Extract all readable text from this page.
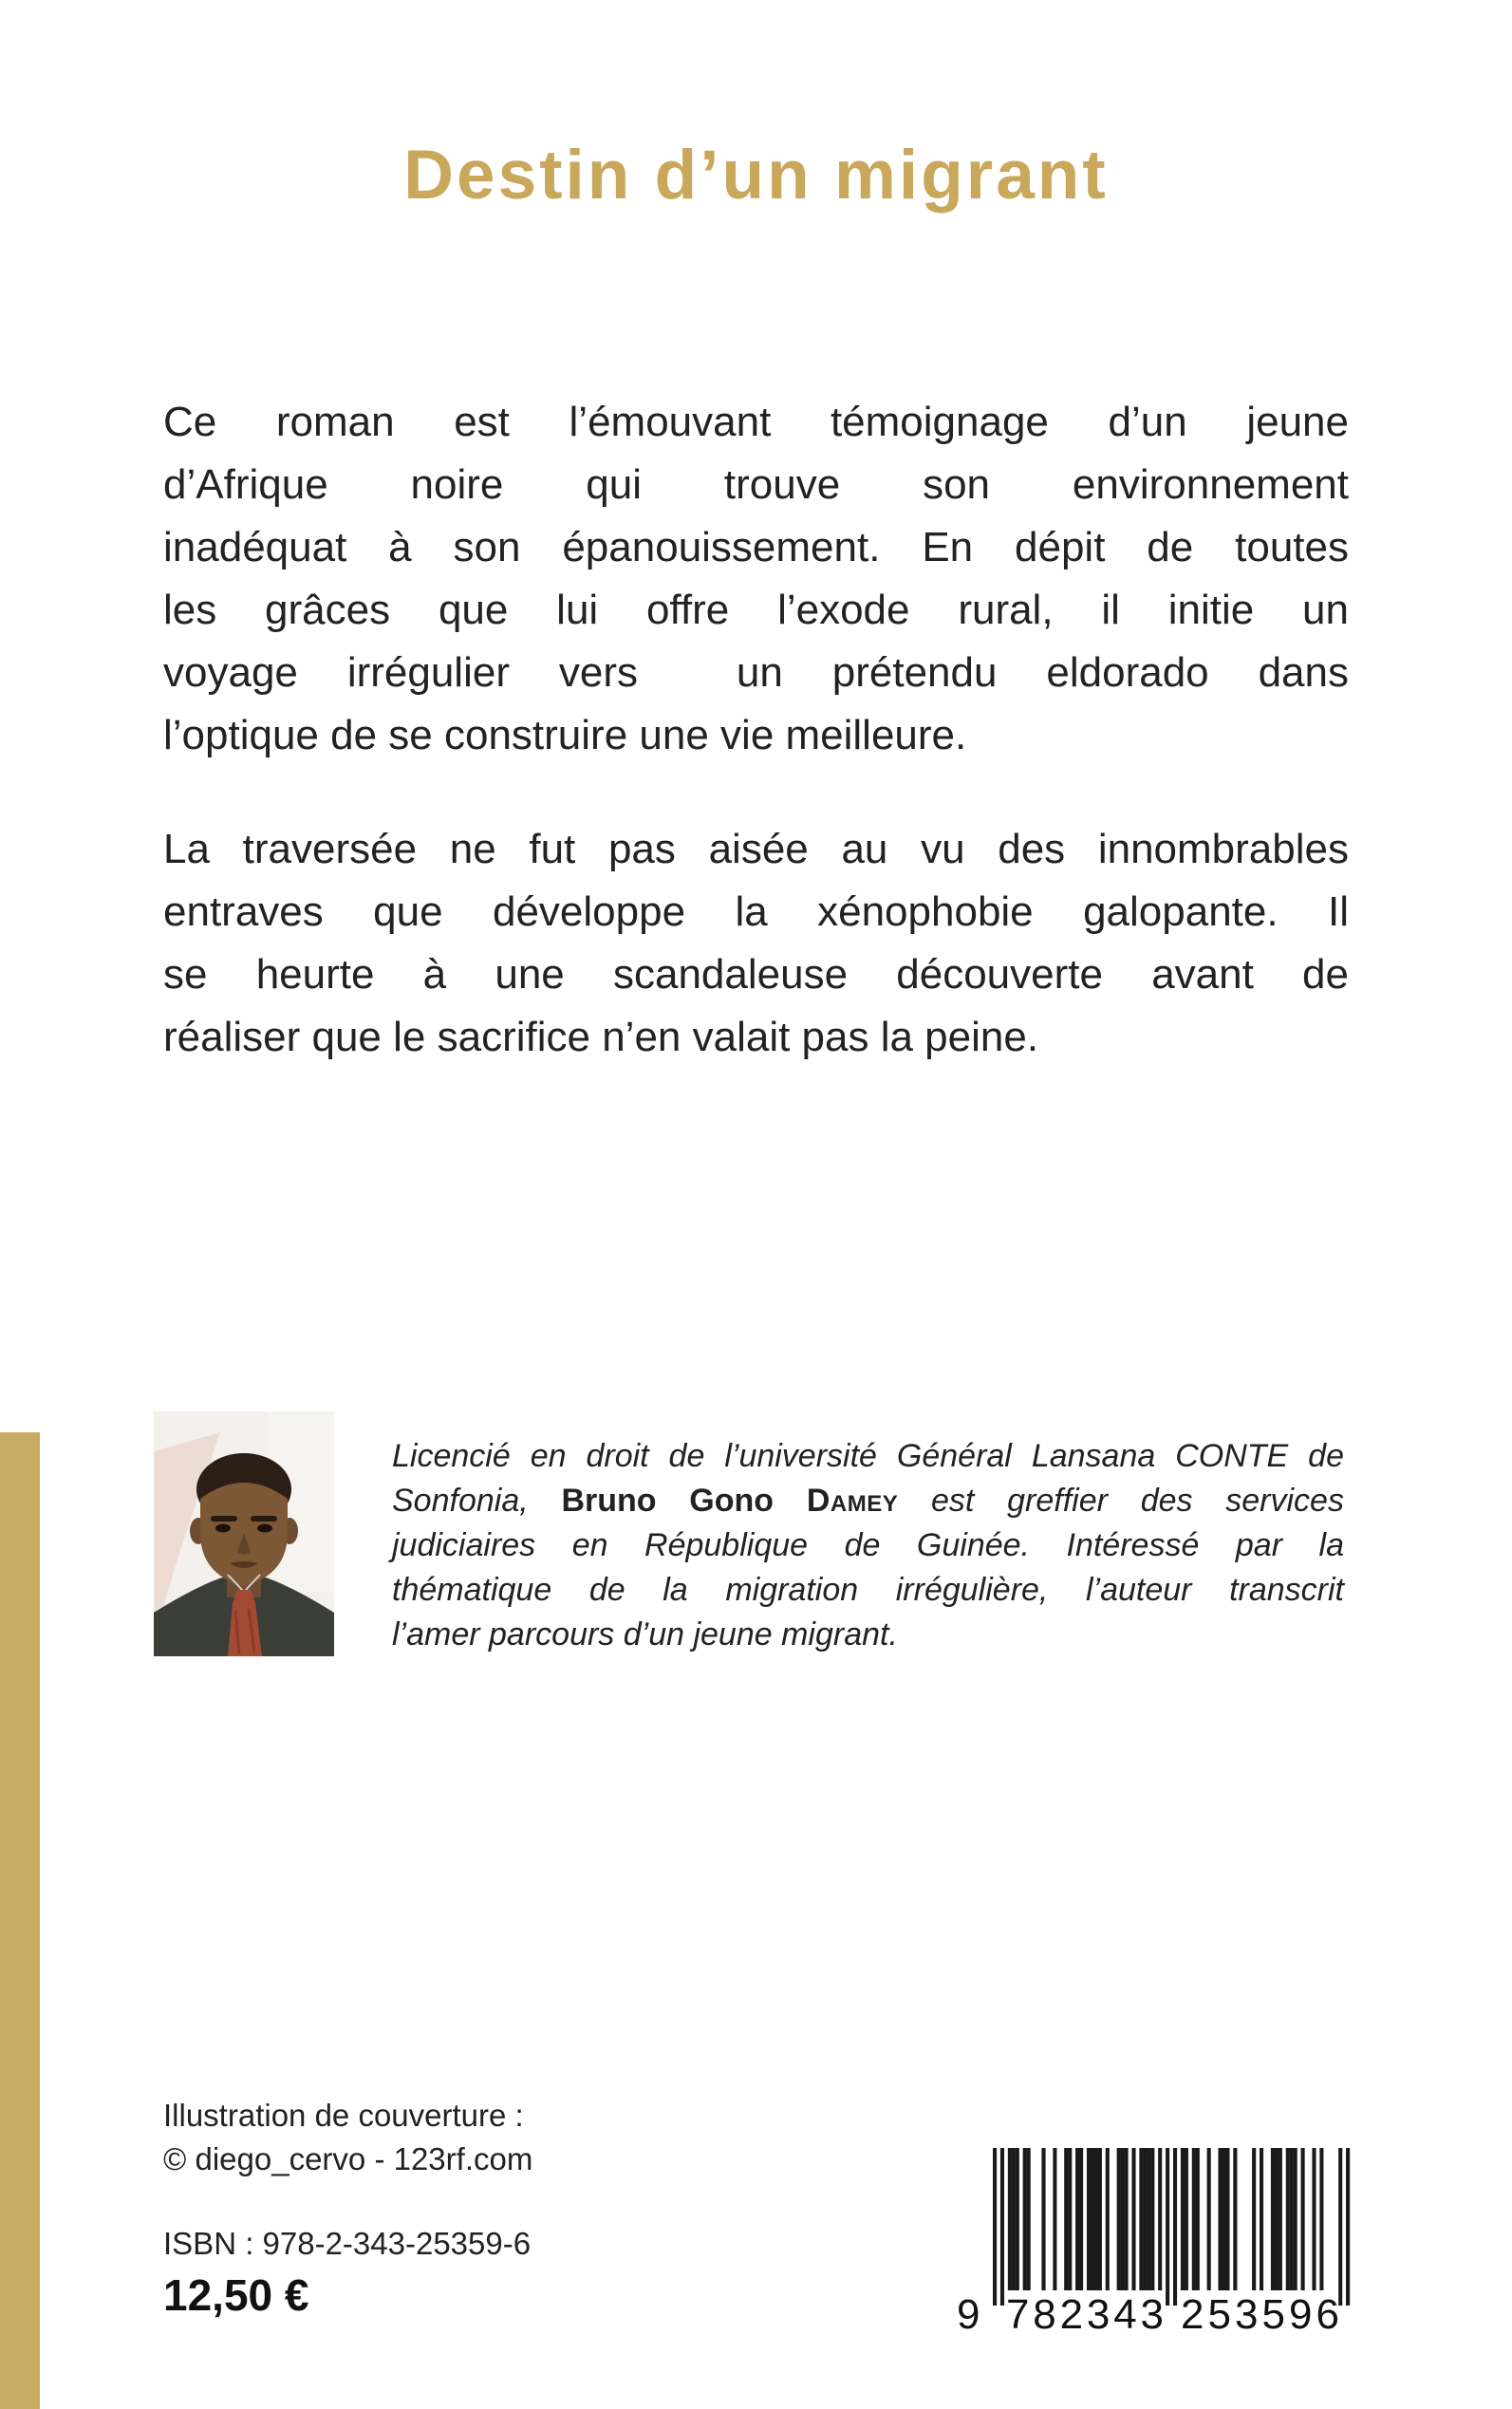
Destin d’un migrant
Ce roman est l’émouvant témoignage d’un jeune
d’Afrique noire qui trouve son environnement
inadéquat à son épanouissement. En dépit de toutes
les grâces que lui offre l’exode rural, il initie un
voyage irrégulier vers  un prétendu eldorado dans
l’optique de se construire une vie meilleure.
La traversée ne fut pas aisée au vu des innombrables
entraves que développe la xénophobie galopante. Il
se heurte à une scandaleuse découverte avant de
réaliser que le sacrifice n’en valait pas la peine.
Licencié en droit de l’université Général Lansana CONTE de
Sonfonia, Bruno Gono Damey est greffier des services
judiciaires en République de Guinée. Intéressé par la
thématique de la migration irrégulière, l’auteur transcrit
l’amer parcours d’un jeune migrant.
Illustration de couverture :
© diego_cervo - 123rf.com
ISBN : 978-2-343-25359-6
12,50 €	9 7 8 2 3 4 3 2 5 3 5 9 6
